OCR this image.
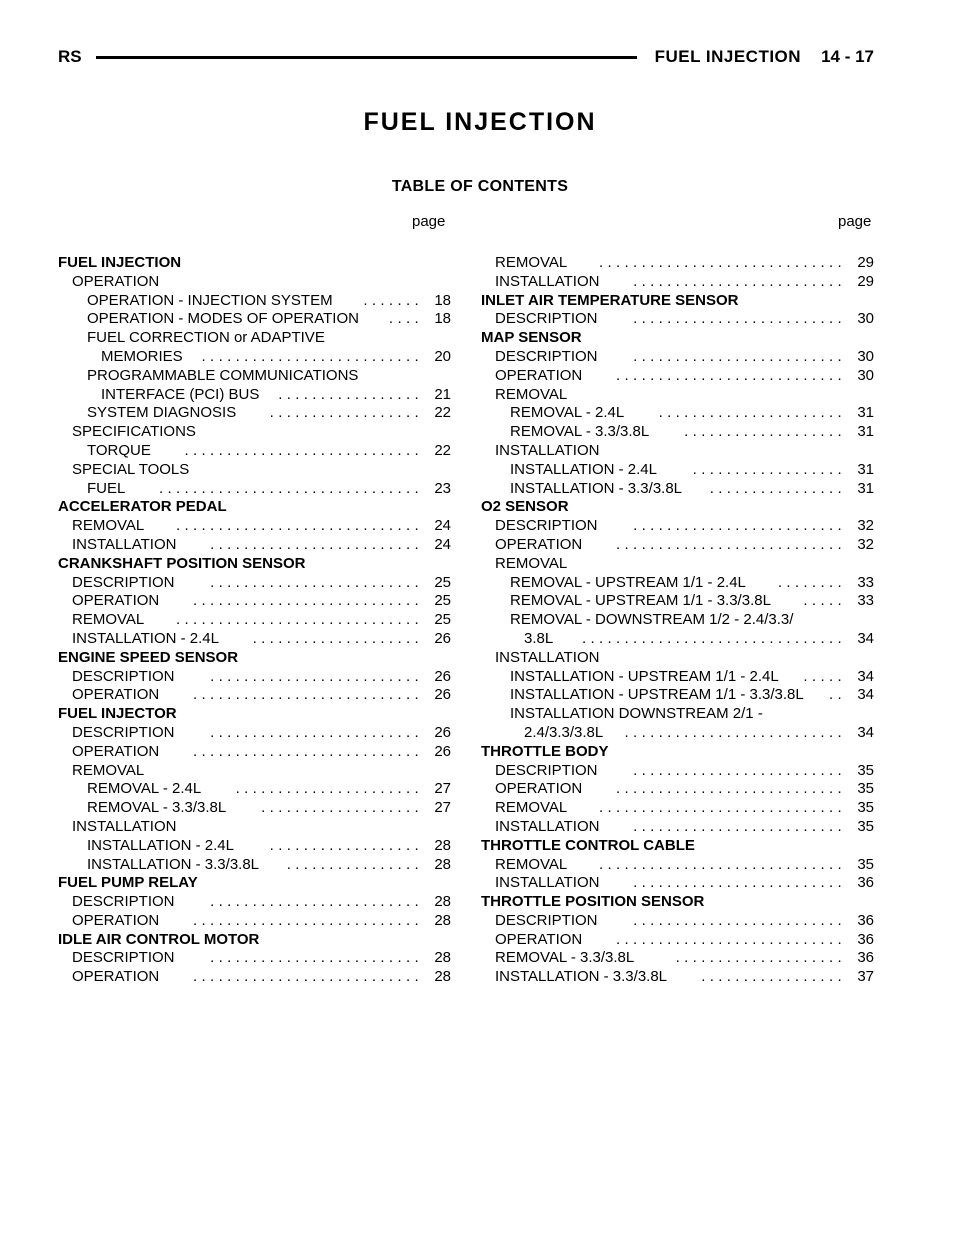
RS	FUEL INJECTION 14 - 17
FUEL INJECTION
TABLE OF CONTENTS
page	page
FUEL INJECTION
OPERATION
OPERATION - INJECTION SYSTEM ....... 18
OPERATION - MODES OF OPERATION .... 18
FUEL CORRECTION or ADAPTIVE
MEMORIES .......................... 20
PROGRAMMABLE COMMUNICATIONS
INTERFACE (PCI) BUS ................. 21
SYSTEM DIAGNOSIS .................. 22
SPECIFICATIONS
TORQUE ............................ 22
SPECIAL TOOLS
FUEL ............................... 23
ACCELERATOR PEDAL
REMOVAL ............................. 24
INSTALLATION ......................... 24
CRANKSHAFT POSITION SENSOR
DESCRIPTION ......................... 25
OPERATION ........................... 25
REMOVAL ............................. 25
INSTALLATION - 2.4L .................... 26
ENGINE SPEED SENSOR
DESCRIPTION ......................... 26
OPERATION ........................... 26
FUEL INJECTOR
DESCRIPTION ......................... 26
OPERATION ........................... 26
REMOVAL
REMOVAL - 2.4L ...................... 27
REMOVAL - 3.3/3.8L ................... 27
INSTALLATION
INSTALLATION - 2.4L .................. 28
INSTALLATION - 3.3/3.8L ................ 28
FUEL PUMP RELAY
DESCRIPTION ......................... 28
OPERATION ........................... 28
IDLE AIR CONTROL MOTOR
DESCRIPTION ......................... 28
OPERATION ........................... 28
REMOVAL ............................. 29
INSTALLATION ......................... 29
INLET AIR TEMPERATURE SENSOR
DESCRIPTION ......................... 30
MAP SENSOR
DESCRIPTION ......................... 30
OPERATION ........................... 30
REMOVAL
REMOVAL - 2.4L ...................... 31
REMOVAL - 3.3/3.8L ................... 31
INSTALLATION
INSTALLATION - 2.4L .................. 31
INSTALLATION - 3.3/3.8L ................ 31
O2 SENSOR
DESCRIPTION ......................... 32
OPERATION ........................... 32
REMOVAL
REMOVAL - UPSTREAM 1/1 - 2.4L ........ 33
REMOVAL - UPSTREAM 1/1 - 3.3/3.8L ..... 33
REMOVAL - DOWNSTREAM 1/2 - 2.4/3.3/
3.8L ............................... 34
INSTALLATION
INSTALLATION - UPSTREAM 1/1 - 2.4L ..... 34
INSTALLATION - UPSTREAM 1/1 - 3.3/3.8L .. 34
INSTALLATION DOWNSTREAM 2/1 -
2.4/3.3/3.8L .......................... 34
THROTTLE BODY
DESCRIPTION ......................... 35
OPERATION ........................... 35
REMOVAL ............................. 35
INSTALLATION ......................... 35
THROTTLE CONTROL CABLE
REMOVAL ............................. 35
INSTALLATION ......................... 36
THROTTLE POSITION SENSOR
DESCRIPTION ......................... 36
OPERATION ........................... 36
REMOVAL - 3.3/3.8L	.................... 36
INSTALLATION - 3.3/3.8L ................. 37
